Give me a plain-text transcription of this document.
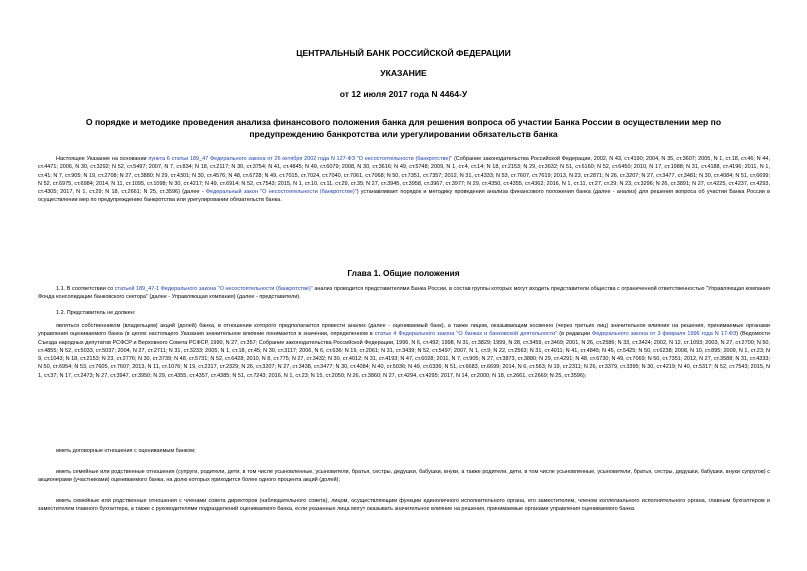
ЦЕНТРАЛЬНЫЙ БАНК РОССИЙСКОЙ ФЕДЕРАЦИИ
УКАЗАНИЕ
от 12 июля 2017 года N 4464-У
О порядке и методике проведения анализа финансового положения банка для решения вопроса об участии Банка России в осуществлении мер по предупреждению банкротства или урегулировании обязательств банка
Настоящее Указание на основании пункта 6 статьи 189_47 Федерального закона от 26 октября 2002 года N 127-ФЗ "О несостоятельности (банкротстве)" (Собрание законодательства Российской Федерации, 2002, N 43, ст.4190; 2004, N 35, ст.3607; 2005, N 1, ст.18, ст.46; N 44, ст.4471; 2006, N 30, ст.3292; N 52, ст.5497; 2007, N 7, ст.834; N 18, ст.2117; N 30, ст.3754; N 41, ст.4845; N 49, ст.6079; 2008, N 30, ст.3616; N 49, ст.5748; 2009, N 1, ст.4, ст.14; N 18, ст.2153; N 29, ст.3632; N 51, ст.6160; N 52, ст.6450; 2010, N 17, ст.1988; N 31, ст.4188, ст.4196; 2011, N 1, ст.41; N 7, ст.905; N 19, ст.2708; N 27, ст.3880; N 29, ст.4301; N 30, ст.4576; N 48, ст.6728; N 49, ст.7015, ст.7024, ст.7040, ст.7061, ст.7068; N 50, ст.7351, ст.7357; 2012, N 31, ст.4333; N 53, ст.7607, ст.7619; 2013, N 23, ст.2871; N 26, ст.3207; N 27, ст.3477, ст.3481; N 30, ст.4084; N 51, ст.6699; N 52, ст.6975, ст.6984; 2014, N 11, ст.1095, ст.1098; N 30, ст.4217; N 49, ст.6914; N 52, ст.7543; 2015, N 1, ст.10, ст.11, ст.29, ст.35; N 27, ст.3945, ст.3958, ст.3967, ст.3977; N 29, ст.4350, ст.4355, ст.4362; 2016, N 1, ст.11, ст.27, ст.29; N 23, ст.3296; N 26, ст.3891; N 27, ст.4225, ст.4237, ст.4293, ст.4305; 2017, N 1, ст.29; N 18, ст.2661; N 25, ст.3596) (далее - Федеральный закон "О несостоятельности (банкротстве)") устанавливает порядок и методику проведения анализа финансового положения банка (далее - анализ) для решения вопроса об участии Банка России в осуществлении мер по предупреждению банкротства или урегулировании обязательств банка.
Глава 1. Общие положения
1.1. В соответствии со статьей 189_47-1 Федерального закона "О несостоятельности (банкротстве)" анализ проводится представителями Банка России, в состав группы которых могут входить представители общества с ограниченной ответственностью "Управляющая компания Фонда консолидации банковского сектора" (далее - Управляющая компания) (далее - представители).
1.2. Представитель не должен:
являться собственником (владельцем) акций (долей) банка, в отношении которого предполагается провести анализ (далее - оцениваемый банк), а также лицом, оказывающим косвенно (через третьих лиц) значительное влияние на решения, принимаемые органами управления оцениваемого банка (в целях настоящего Указания значительное влияние понимается в значении, определенном в статье 4 Федерального закона "О банках и банковской деятельности" (в редакции Федерального закона от 3 февраля 1996 года N 17-ФЗ) (Ведомости Съезда народных депутатов РСФСР и Верховного Совета РСФСР, 1990, N 27, ст.357; Собрание законодательства Российской Федерации, 1996, N 6, ст.492; 1998, N 31, ст.3829; 1999, N 28, ст.3459, ст.3469; 2001, N 26, ст.2586; N 33, ст.3424; 2002, N 12, ст.1093; 2003, N 27, ст.2700; N 50, ст.4855; N 52, ст.5033, ст.5037; 2004, N 27, ст.2711; N 31, ст.3233; 2005, N 1, ст.18, ст.45; N 30, ст.3117; 2006, N 6, ст.636; N 19, ст.2061; N 31, ст.3439; N 52, ст.5497; 2007, N 1, ст.9; N 22, ст.2563; N 31, ст.4011; N 41, ст.4845; N 45, ст.5425; N 50, ст.6238; 2008, N 10, ст.895; 2009, N 1, ст.23; N 9, ст.1043; N 18, ст.2153; N 23, ст.2776; N 30, ст.3739; N 48, ст.5731; N 52, ст.6428; 2010, N 8, ст.775; N 27, ст.3432; N 30, ст.4012; N 31, ст.4193; N 47, ст.6028; 2011, N 7, ст.905; N 27, ст.3873, ст.3880; N 29, ст.4291; N 48, ст.6730; N 49, ст.7069; N 50, ст.7351; 2012, N 27, ст.3588; N 31, ст.4333; N 50, ст.6954; N 53, ст.7605, ст.7607; 2013, N 11, ст.1076; N 19, ст.2317, ст.2329; N 26, ст.3207; N 27, ст.3438, ст.3477; N 30, ст.4084; N 40, ст.5036; N 49, ст.6336; N 51, ст.6683, ст.6699; 2014, N 6, ст.563; N 19, ст.2311; N 26, ст.3379, ст.3395; N 30, ст.4219; N 40, ст.5317; N 52, ст.7543; 2015, N 1, ст.37; N 17, ст.2473; N 27, ст.3947, ст.3950; N 29, ст.4355, ст.4357, ст.4385; N 51, ст.7243; 2016, N 1, ст.23; N 15, ст.2050; N 26, ст.3860; N 27, ст.4294, ст.4295; 2017, N 14, ст.2000; N 18, ст.2661, ст.2669; N 25, ст.3596);
иметь договорные отношения с оцениваемым банком;
иметь семейные или родственные отношения (супруги, родители, дети, в том числе усыновленные, усыновители, братья, сестры, дедушки, бабушки, внуки, а также родители, дети, в том числе усыновленные, усыновители, братья, сестры, дедушки, бабушки, внуки супругов) с акционерами (участниками) оцениваемого банка, на долю которых приходится более одного процента акций (долей);
иметь семейные или родственные отношения с членами совета директоров (наблюдательного совета), лицом, осуществляющим функции единоличного исполнительного органа, его заместителем, членом коллегиального исполнительного органа, главным бухгалтером и заместителем главного бухгалтера, а также с руководителями подразделений оцениваемого банка, если указанные лица могут оказывать значительное влияние на решения, принимаемые органами управления оцениваемого банка.
